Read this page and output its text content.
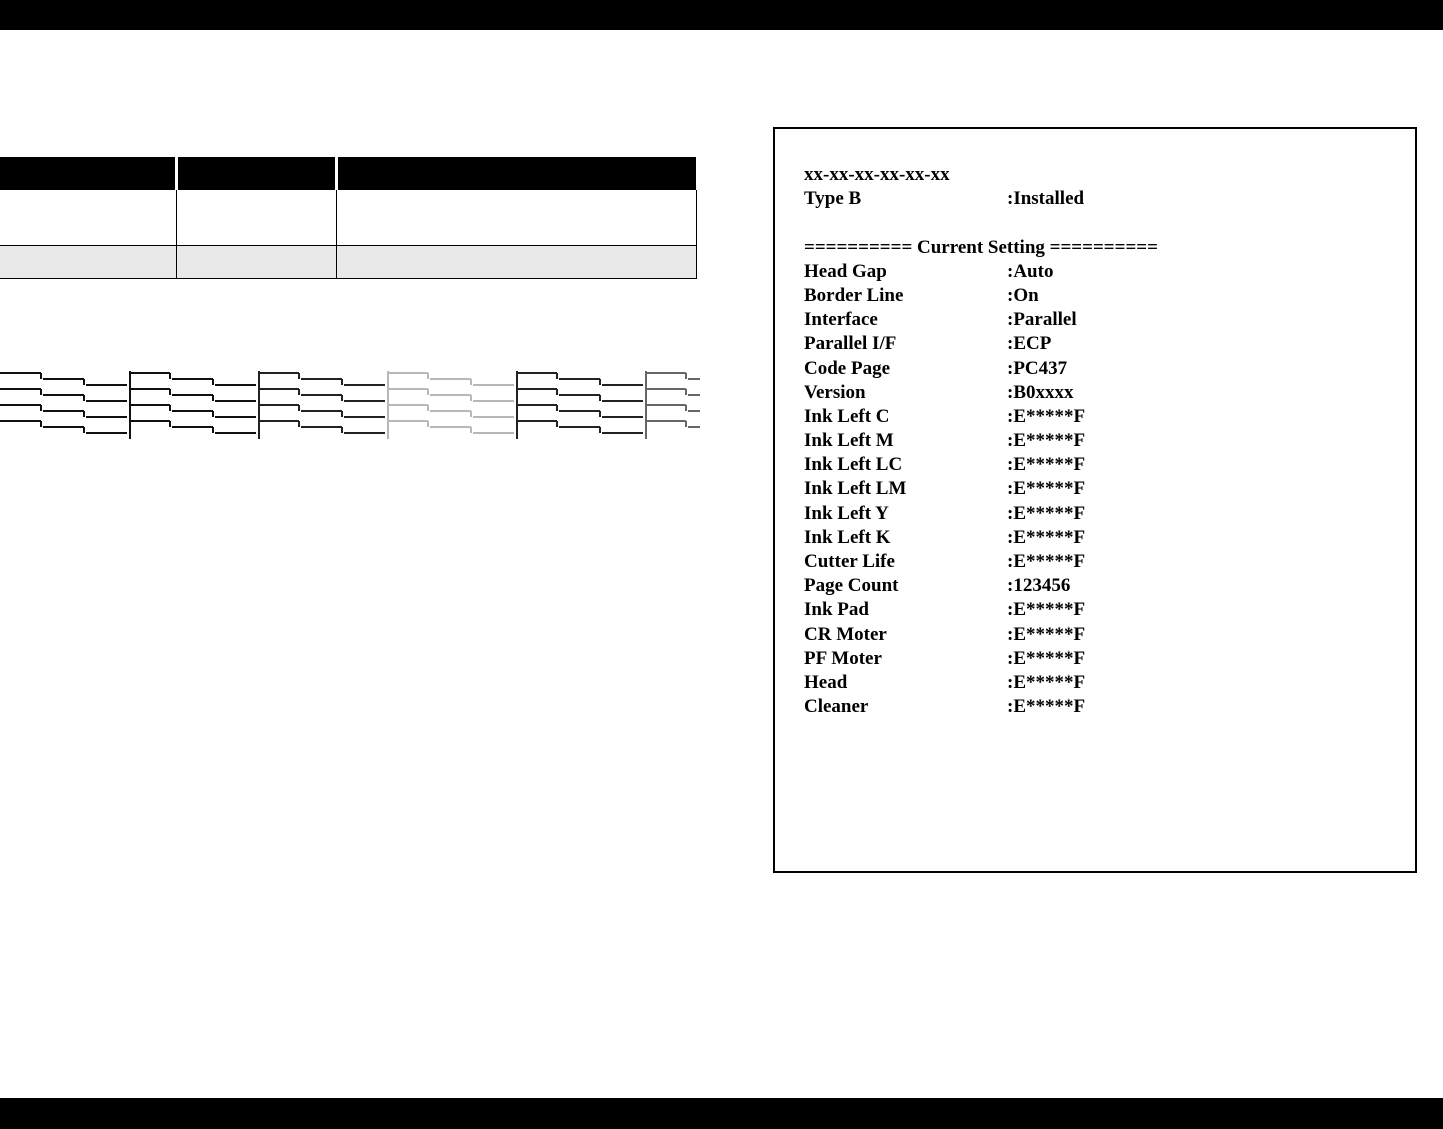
xx-xx-xx-xx-xx-xx
Type B	:Installed
========== Current Setting ==========
Head Gap	:Auto
Border Line	:On
Interface	:Parallel
Parallel I/F	:ECP
Code Page	:PC437
Version	:B0xxxx
Ink Left C	:E*****F
Ink Left M	:E*****F
Ink Left LC	:E*****F
Ink Left LM	:E*****F
Ink Left Y	:E*****F
Ink Left K	:E*****F
Cutter Life	:E*****F
Page Count	:123456
Ink Pad	:E*****F
CR Moter	:E*****F
PF Moter	:E*****F
Head	:E*****F
Cleaner	:E*****F
